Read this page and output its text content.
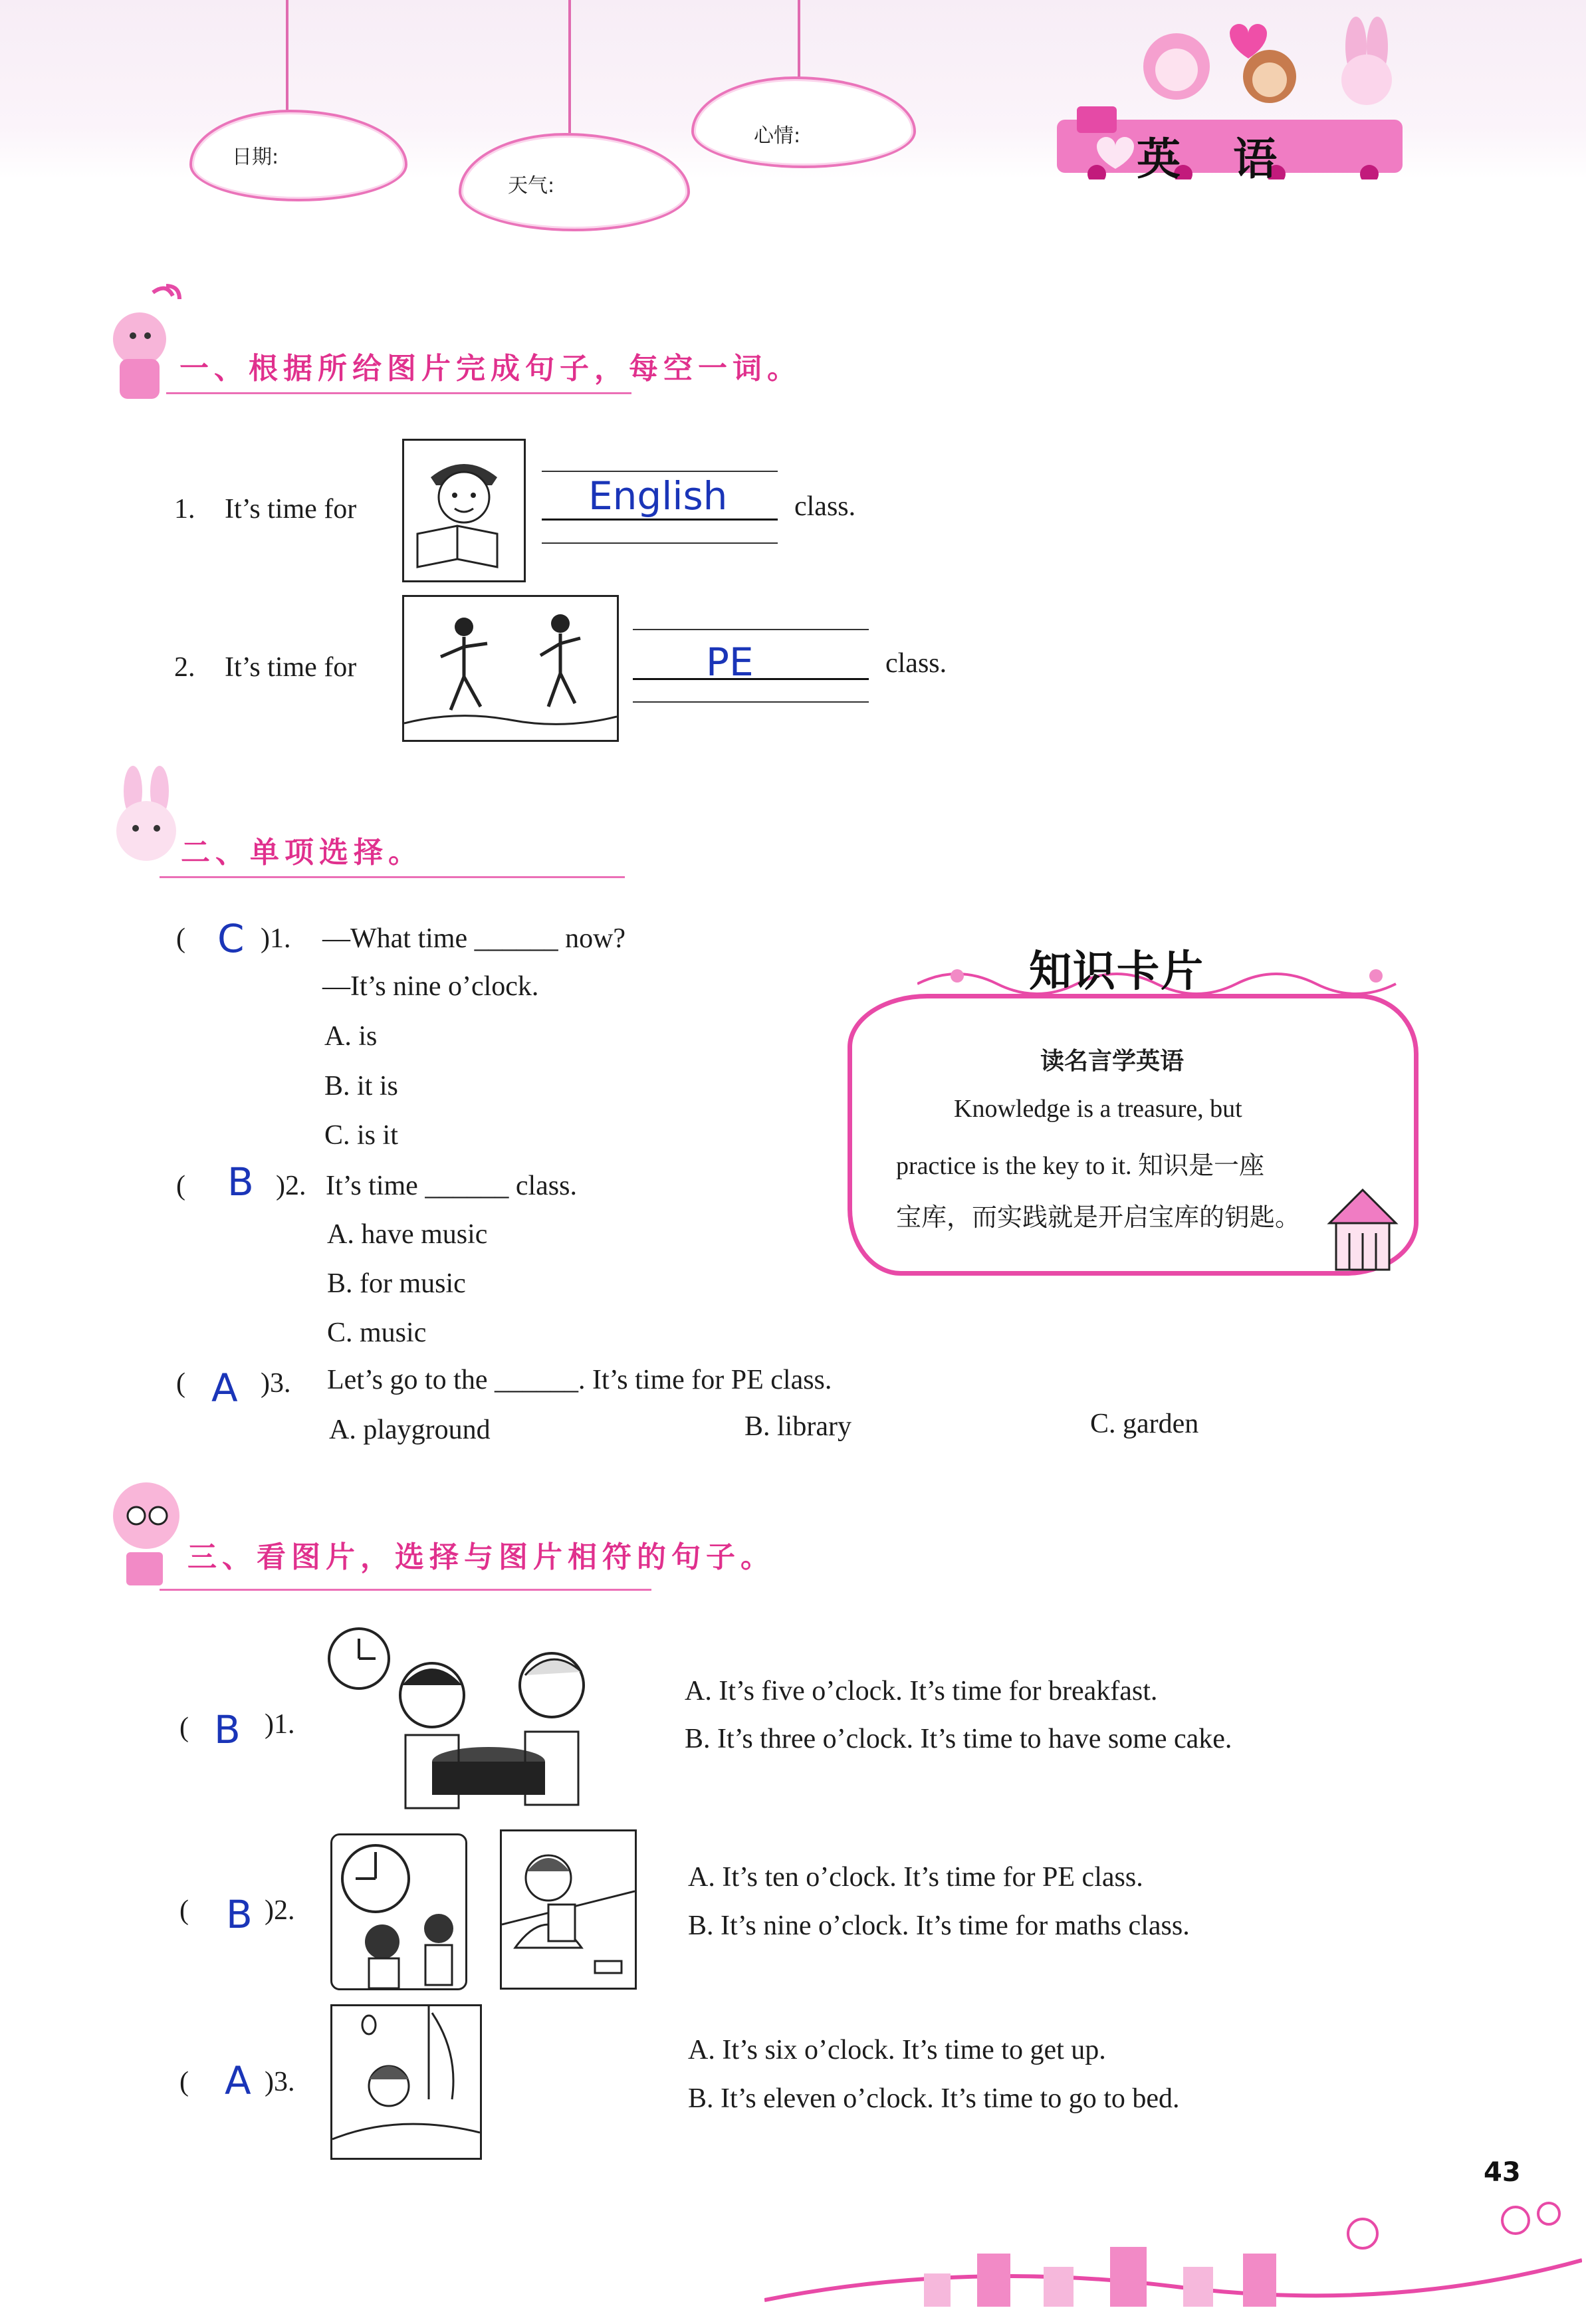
日期:
天气:
心情:	英 语
一、根据所给图片完成句子，每空一词。
1. It’s time for	English class.
2. It’s time for	PE	class.
二、单项选择。
( C )1. —What time ______ now?
—It’s nine o’clock.
A. is
B. it is
C. is it
( B )2. It’s time ______ class.
A. have music
B. for music
C. music
( A )3. Let’s go to the ______. It’s time for PE class.
A. playground	B. library	C. garden
知识卡片
读名言学英语
Knowledge is a treasure, but
practice is the key to it. 知识是一座
宝库，而实践就是开启宝库的钥匙。
三、看图片，选择与图片相符的句子。
( B )1.
A. It’s five o’clock. It’s time for breakfast.
B. It’s three o’clock. It’s time to have some cake.
( B )2.
A. It’s ten o’clock. It’s time for PE class.
B. It’s nine o’clock. It’s time for maths class.
( A )3.
A. It’s six o’clock. It’s time to get up.
B. It’s eleven o’clock. It’s time to go to bed.
43
